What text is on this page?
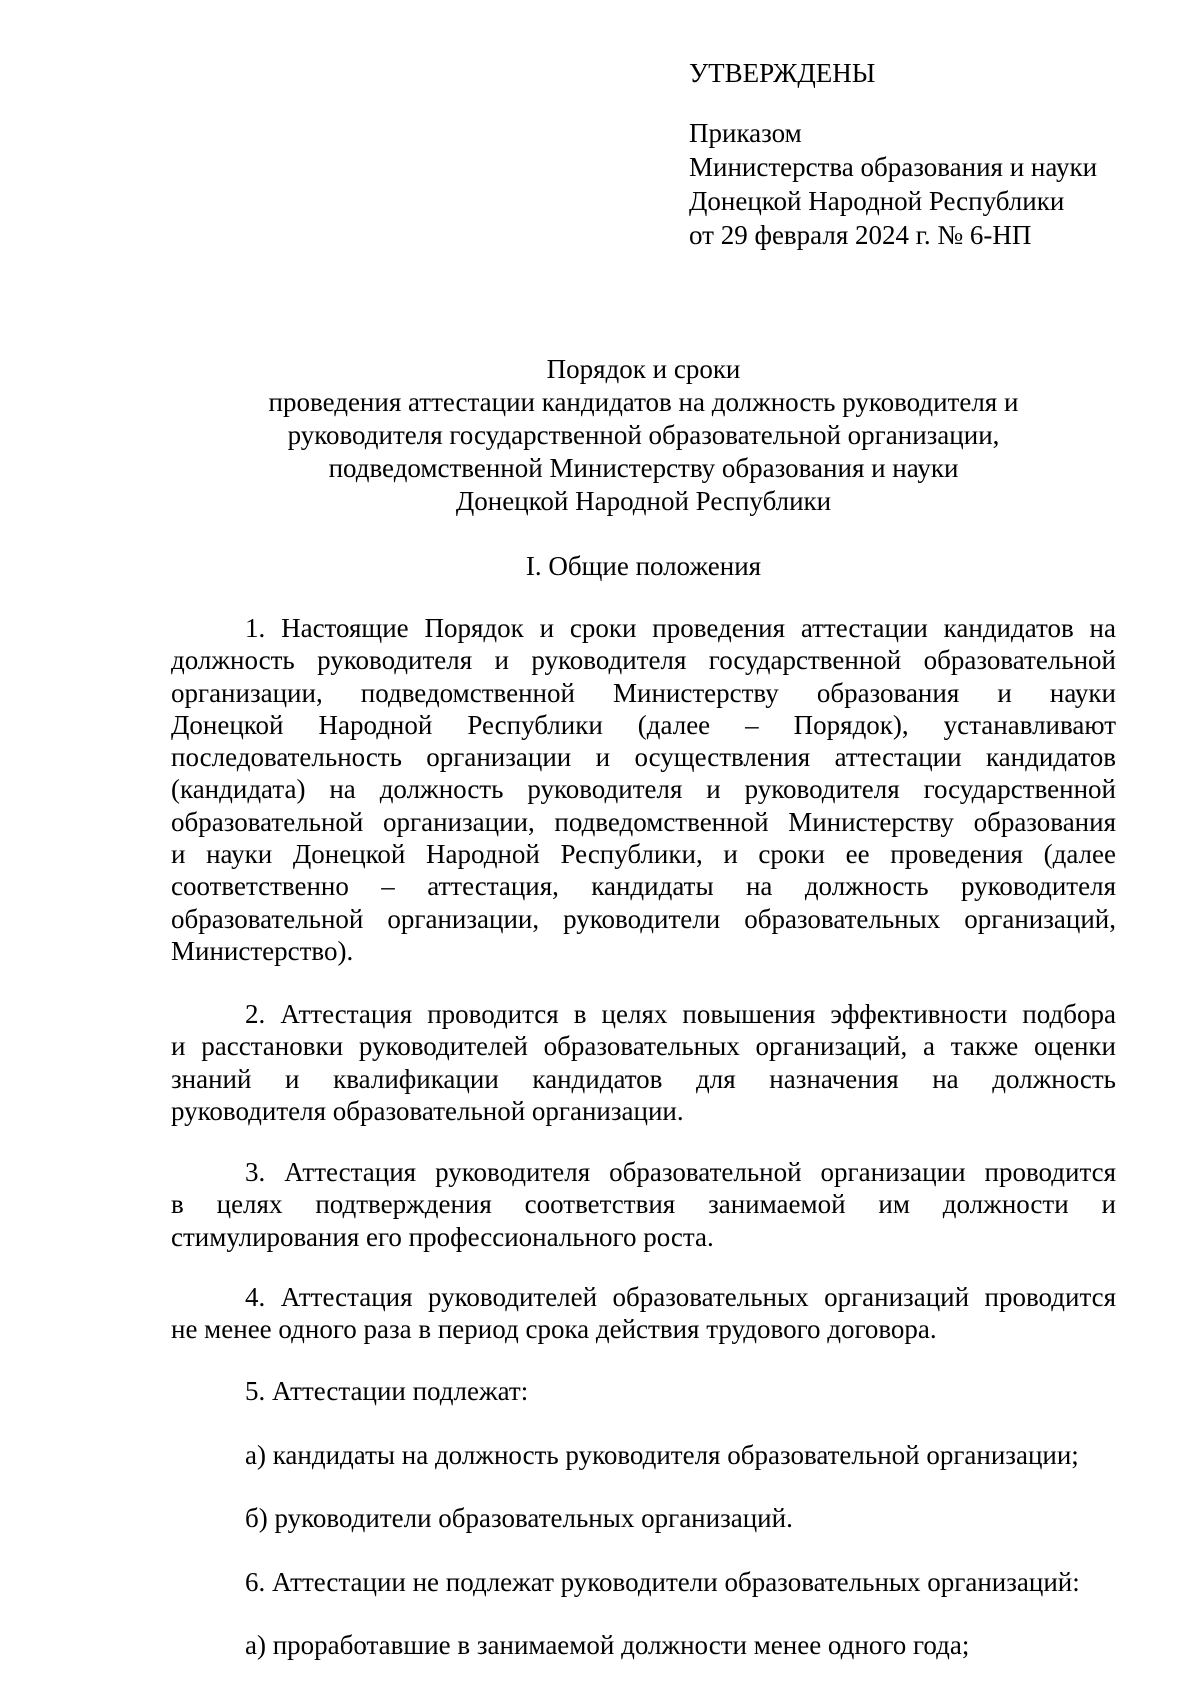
УТВЕРЖДЕНЫ
Приказом
Министерства образования и науки
Донецкой Народной Республики
от 29 февраля 2024 г. № 6-НП
Порядок и сроки
проведения аттестации кандидатов на должность руководителя и
руководителя государственной образовательной организации,
подведомственной Министерству образования и науки
Донецкой Народной Республики
I. Общие положения
1. Настоящие Порядок и сроки проведения аттестации кандидатов на
должность руководителя и руководителя государственной образовательной
организации, подведомственной Министерству образования и науки
Донецкой Народной Республики (далее – Порядок), устанавливают
последовательность организации и осуществления аттестации кандидатов
(кандидата) на должность руководителя и руководителя государственной
образовательной организации, подведомственной Министерству образования
и науки Донецкой Народной Республики, и сроки ее проведения (далее
соответственно – аттестация, кандидаты на должность руководителя
образовательной организации, руководители образовательных организаций,
Министерство).
2. Аттестация проводится в целях повышения эффективности подбора
и расстановки руководителей образовательных организаций, а также оценки
знаний и квалификации кандидатов для назначения на должность
руководителя образовательной организации.
3. Аттестация руководителя образовательной организации проводится
в целях подтверждения соответствия занимаемой им должности и
стимулирования его профессионального роста.
4. Аттестация руководителей образовательных организаций проводится
не менее одного раза в период срока действия трудового договора.
5. Аттестации подлежат:
а) кандидаты на должность руководителя образовательной организации;
б) руководители образовательных организаций.
6. Аттестации не подлежат руководители образовательных организаций:
а) проработавшие в занимаемой должности менее одного года;
